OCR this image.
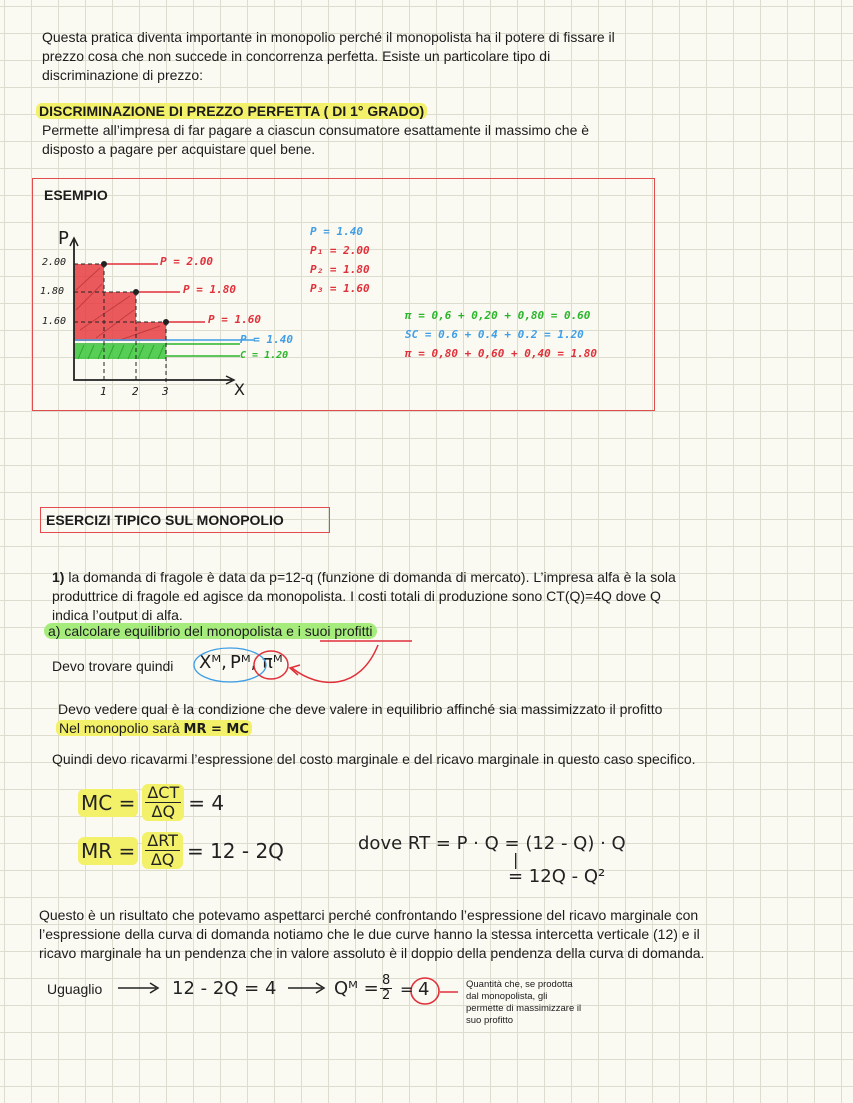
Questa pratica diventa importante in monopolio perché il monopolista ha il potere di fissare il
prezzo cosa che non succede in concorrenza perfetta. Esiste un particolare tipo di
discriminazione di prezzo:
DISCRIMINAZIONE DI PREZZO PERFETTA ( DI 1° GRADO)
Permette all’impresa di far pagare a ciascun consumatore esattamente il massimo che è
disposto a pagare per acquistare quel bene.
ESEMPIO
P
X
2.00
1.80
1.60
1 2 3
P = 2.00
P = 1.80
P = 1.60
P = 1.40
C = 1.20
P = 1.40
P₁ = 2.00
P₂ = 1.80
P₃ = 1.60
π = 0,6 + 0,20 + 0,80 = 0.60
SC = 0.6 + 0.4 + 0.2 = 1.20
π = 0,80 + 0,60 + 0,40 = 1.80
ESERCIZI TIPICO SUL MONOPOLIO
1) la domanda di fragole è data da p=12-q (funzione di domanda di mercato). L’impresa alfa è la sola
produttrice di fragole ed agisce da monopolista. I costi totali di produzione sono CT(Q)=4Q dove Q
indica l’output di alfa.
a) calcolare equilibrio del monopolista e i suoi profitti
Devo trovare quindi Xᴹ, Pᴹ, πᴹ
Devo vedere qual è la condizione che deve valere in equilibrio affinché sia massimizzato il profitto
Nel monopolio sarà MR = MC
Quindi devo ricavarmi l’espressione del costo marginale e del ricavo marginale in questo caso specifico.
MC = ΔCT
ΔQ = 4
MR = ΔRT
ΔQ = 12 - 2Q	dove RT = P · Q = (12 - Q) · Q
|
= 12Q - Q²
Questo è un risultato che potevamo aspettarci perché confrontando l’espressione del ricavo marginale con
l’espressione della curva di domanda notiamo che le due curve hanno la stessa intercetta verticale (12) e il
ricavo marginale ha un pendenza che in valore assoluto è il doppio della pendenza della curva di domanda.
Uguaglio	12 - 2Q = 4	Qᴹ = $\frac{8}{2} = 4$	Quantità che, se prodotta
dal monopolista, gli
permette di massimizzare il
suo profitto
